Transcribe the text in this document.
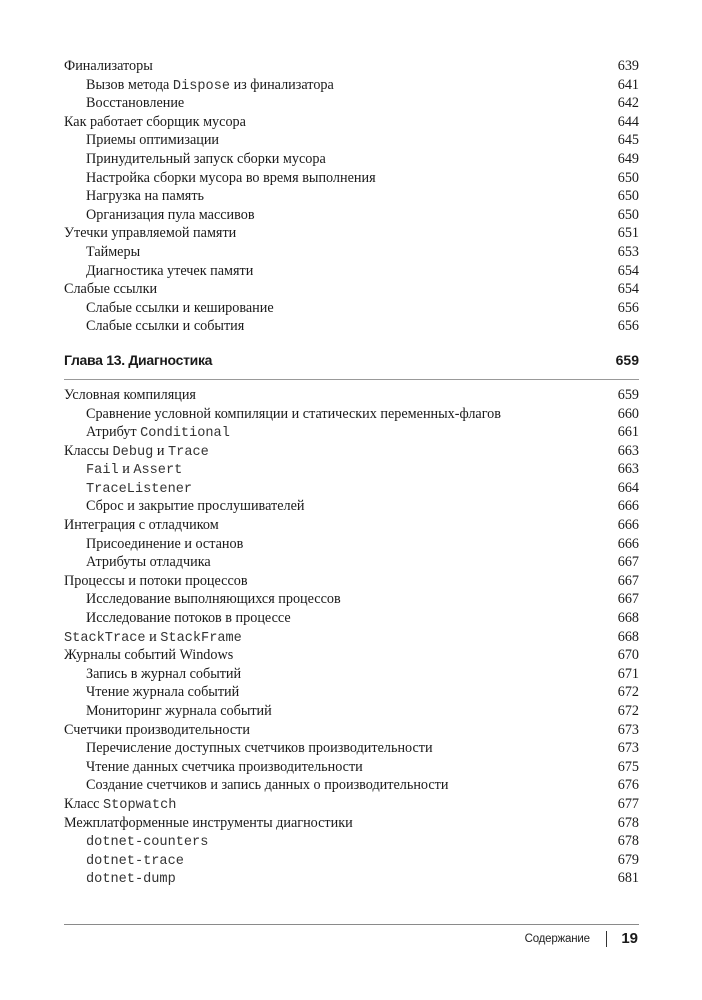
Финализаторы	639
Вызов метода Dispose из финализатора	641
Восстановление	642
Как работает сборщик мусора	644
Приемы оптимизации	645
Принудительный запуск сборки мусора	649
Настройка сборки мусора во время выполнения	650
Нагрузка на память	650
Организация пула массивов	650
Утечки управляемой памяти	651
Таймеры	653
Диагностика утечек памяти	654
Слабые ссылки	654
Слабые ссылки и кеширование	656
Слабые ссылки и события	656
Глава 13. Диагностика	659
Условная компиляция	659
Сравнение условной компиляции и статических переменных-флагов	660
Атрибут Conditional	661
Классы Debug и Trace	663
Fail и Assert	663
TraceListener	664
Сброс и закрытие прослушивателей	666
Интеграция с отладчиком	666
Присоединение и останов	666
Атрибуты отладчика	667
Процессы и потоки процессов	667
Исследование выполняющихся процессов	667
Исследование потоков в процессе	668
StackTrace и StackFrame	668
Журналы событий Windows	670
Запись в журнал событий	671
Чтение журнала событий	672
Мониторинг журнала событий	672
Счетчики производительности	673
Перечисление доступных счетчиков производительности	673
Чтение данных счетчика производительности	675
Создание счетчиков и запись данных о производительности	676
Класс Stopwatch	677
Межплатформенные инструменты диагностики	678
dotnet-counters	678
dotnet-trace	679
dotnet-dump	681
Содержание 19
